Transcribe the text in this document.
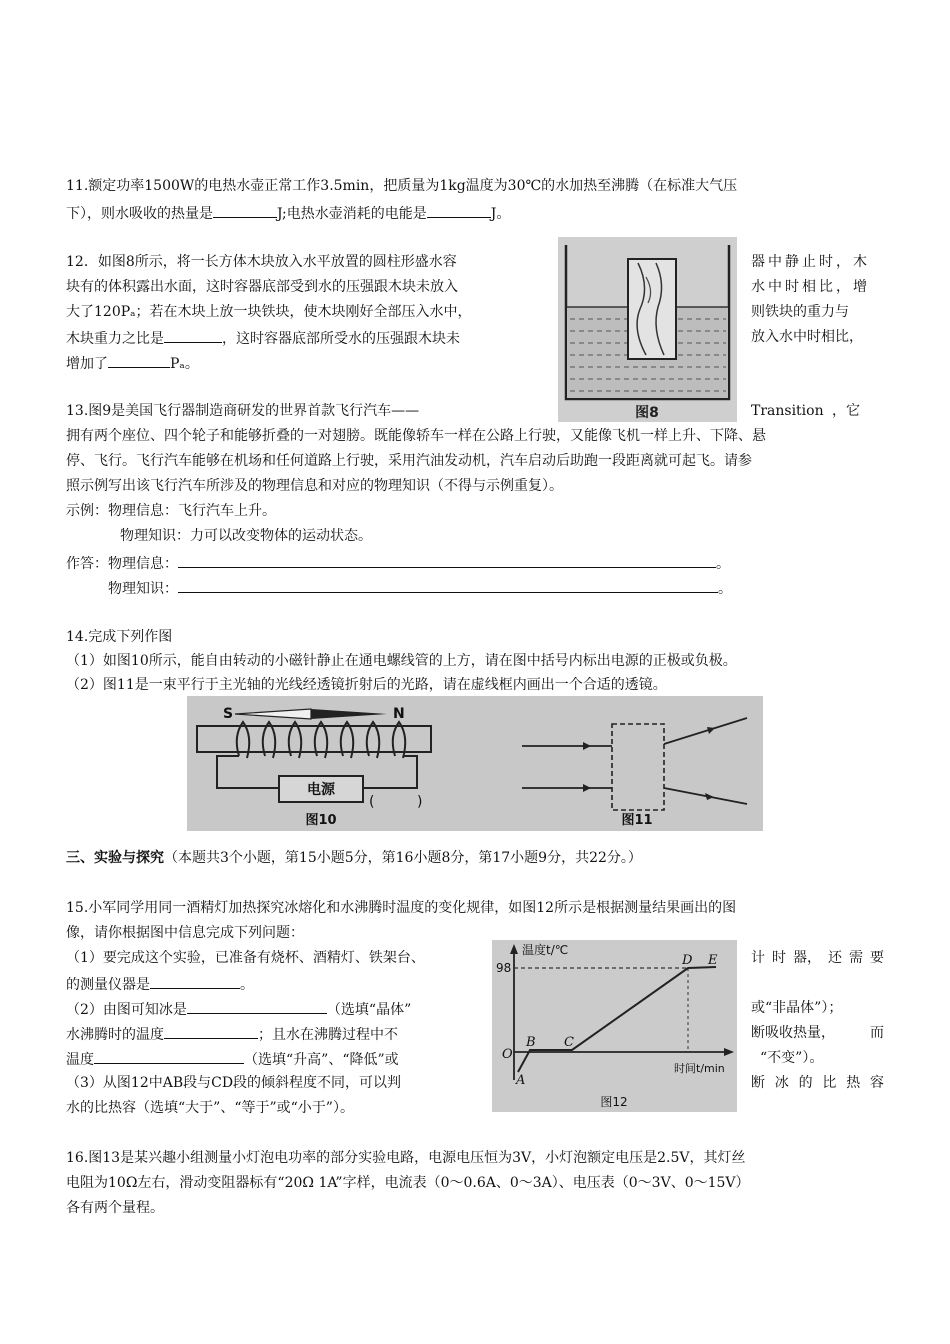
11.额定功率1500W的电热水壶正常工作3.5min，把质量为1kg温度为30℃的水加热至沸腾（在标准大气压
下），则水吸收的热量是	J;电热水壶消耗的电能是	J。
12．如图8所示，将一长方体木块放入水平放置的圆柱形盛水容
块有的体积露出水面，这时容器底部受到水的压强跟木块未放入
大了120Pₐ；若在木块上放一块铁块，使木块刚好全部压入水中，
木块重力之比是	，这时容器底部所受水的压强跟木块未
增加了	Pₐ。
器中静止时，木
水中时相比，增
则铁块的重力与
放入水中时相比，
图8
13.图9是美国飞行器制造商研发的世界首款飞行汽车——	Transition ，它
拥有两个座位、四个轮子和能够折叠的一对翅膀。既能像轿车一样在公路上行驶，又能像飞机一样上升、下降、悬
停、飞行。飞行汽车能够在机场和任何道路上行驶，采用汽油发动机，汽车启动后助跑一段距离就可起飞。请参
照示例写出该飞行汽车所涉及的物理信息和对应的物理知识（不得与示例重复）。
示例：物理信息：飞行汽车上升。
物理知识：力可以改变物体的运动状态。
作答：物理信息：	。
物理知识：	。
14.完成下列作图
（1）如图10所示，能自由转动的小磁针静止在通电螺线管的上方，请在图中括号内标出电源的正极或负极。
（2）图11是一束平行于主光轴的光线经透镜折射后的光路，请在虚线框内画出一个合适的透镜。
S	N
电源
(	)
图10	图11
三、实验与探究（本题共3个小题，第15小题5分，第16小题8分，第17小题9分，共22分。）
15.小军同学用同一酒精灯加热探究冰熔化和水沸腾时温度的变化规律，如图12所示是根据测量结果画出的图
像，请你根据图中信息完成下列问题：
（1）要完成这个实验，已准备有烧杯、酒精灯、铁架台、	计 时 器， 还 需 要
的测量仪器是	。
（2）由图可知冰是	（选填“晶体”	或“非晶体”）；
水沸腾时的温度	；且水在沸腾过程中不	断吸收热量，	而
温度	（选填“升高”、“降低”或	“不变”）。
（3）从图12中AB段与CD段的倾斜程度不同，可以判	断 冰 的 比 热 容
水的比热容（选填“大于”、“等于”或“小于”）。
温度t/℃
时间t/min
98
O
A
B C
D E
图12
16.图13是某兴趣小组测量小灯泡电功率的部分实验电路，电源电压恒为3V，小灯泡额定电压是2.5V，其灯丝
电阻为10Ω左右，滑动变阻器标有“20Ω 1A”字样，电流表（0～0.6A、0～3A）、电压表（0～3V、0～15V）
各有两个量程。
